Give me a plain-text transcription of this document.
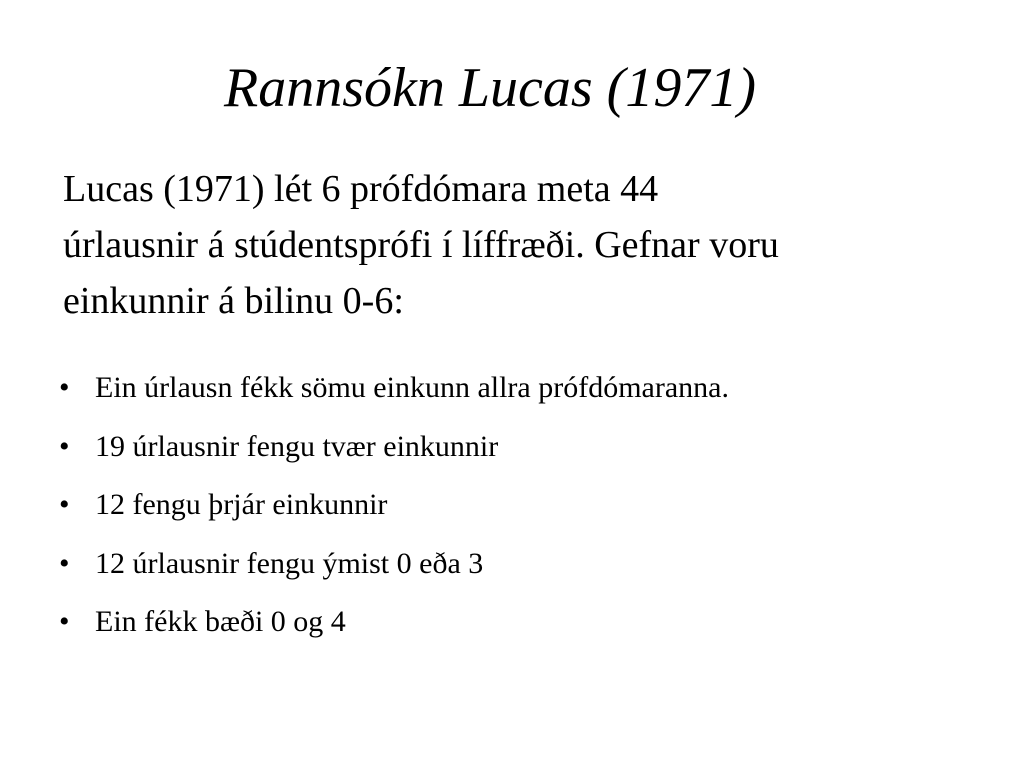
Rannsókn Lucas (1971)

Lucas (1971) lét 6 prófdómara meta 44
úrlausnir á stúdentsprófi í líffræði. Gefnar voru
einkunnir á bilinu 0-6:

• Ein úrlausn fékk sömu einkunn allra prófdómaranna.
• 19 úrlausnir fengu tvær einkunnir
• 12 fengu þrjár einkunnir
• 12 úrlausnir fengu ýmist 0 eða 3
• Ein fékk bæði 0 og 4
